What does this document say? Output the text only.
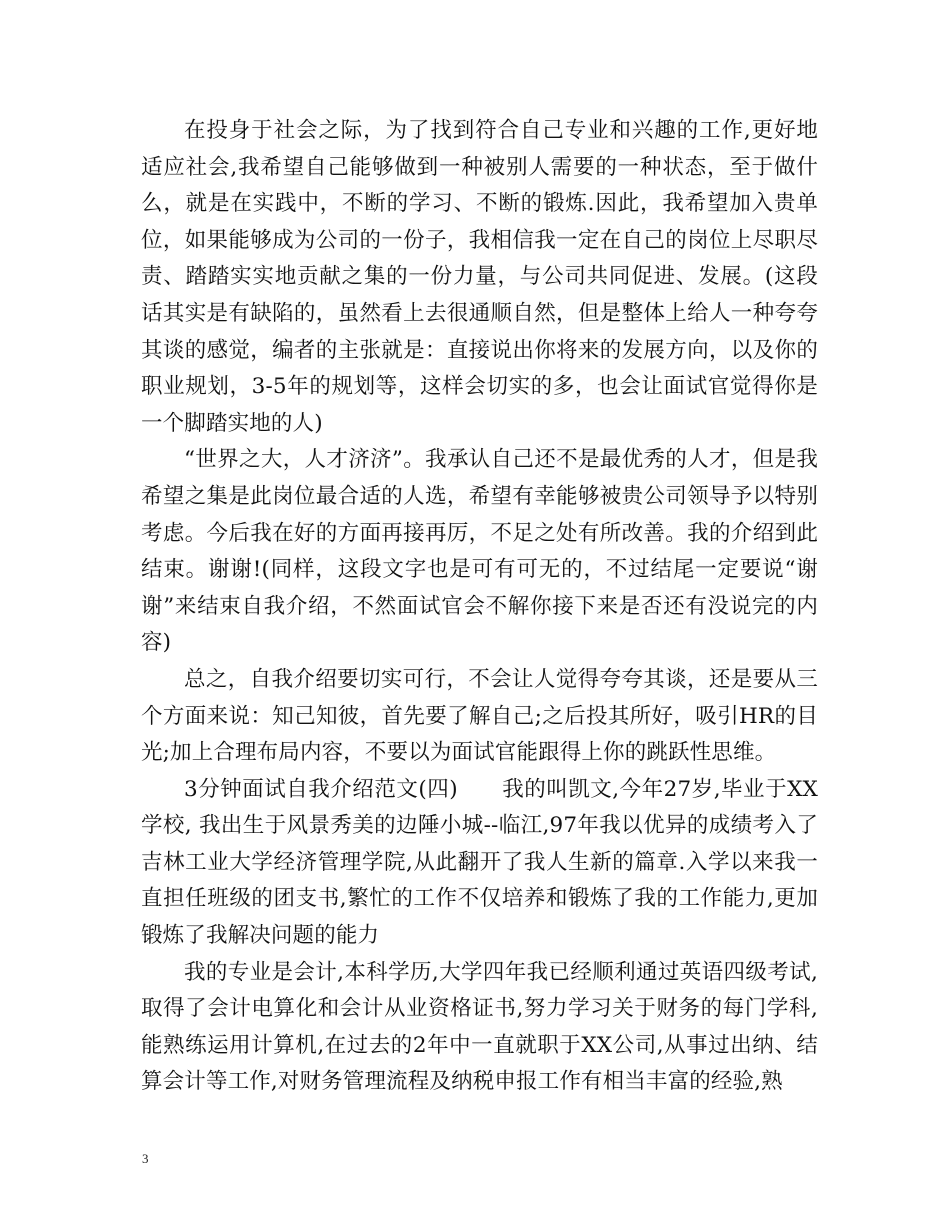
在投身于社会之际，为了找到符合自己专业和兴趣的工作,更好地适应社会,我希望自己能够做到一种被别人需要的一种状态，至于做什么，就是在实践中，不断的学习、不断的锻炼.因此，我希望加入贵单位，如果能够成为公司的一份子，我相信我一定在自己的岗位上尽职尽责、踏踏实实地贡献之集的一份力量，与公司共同促进、发展。(这段话其实是有缺陷的，虽然看上去很通顺自然，但是整体上给人一种夸夸其谈的感觉，编者的主张就是：直接说出你将来的发展方向，以及你的职业规划，3-5年的规划等，这样会切实的多，也会让面试官觉得你是一个脚踏实地的人)

“世界之大，人才济济”。我承认自己还不是最优秀的人才，但是我希望之集是此岗位最合适的人选，希望有幸能够被贵公司领导予以特别考虑。今后我在好的方面再接再厉，不足之处有所改善。我的介绍到此结束。谢谢!(同样，这段文字也是可有可无的，不过结尾一定要说“谢谢”来结束自我介绍，不然面试官会不解你接下来是否还有没说完的内容)

总之，自我介绍要切实可行，不会让人觉得夸夸其谈，还是要从三个方面来说：知己知彼，首先要了解自己;之后投其所好，吸引HR的目光;加上合理布局内容，不要以为面试官能跟得上你的跳跃性思维。

3分钟面试自我介绍范文(四)　　我的叫凯文,今年27岁,毕业于XX学校, 我出生于风景秀美的边陲小城--临江,97年我以优异的成绩考入了吉林工业大学经济管理学院,从此翻开了我人生新的篇章.入学以来我一直担任班级的团支书,繁忙的工作不仅培养和锻炼了我的工作能力,更加锻炼了我解决问题的能力

我的专业是会计,本科学历,大学四年我已经顺利通过英语四级考试,取得了会计电算化和会计从业资格证书,努力学习关于财务的每门学科,能熟练运用计算机,在过去的2年中一直就职于XX公司,从事过出纳、结算会计等工作,对财务管理流程及纳税申报工作有相当丰富的经验,熟

3
